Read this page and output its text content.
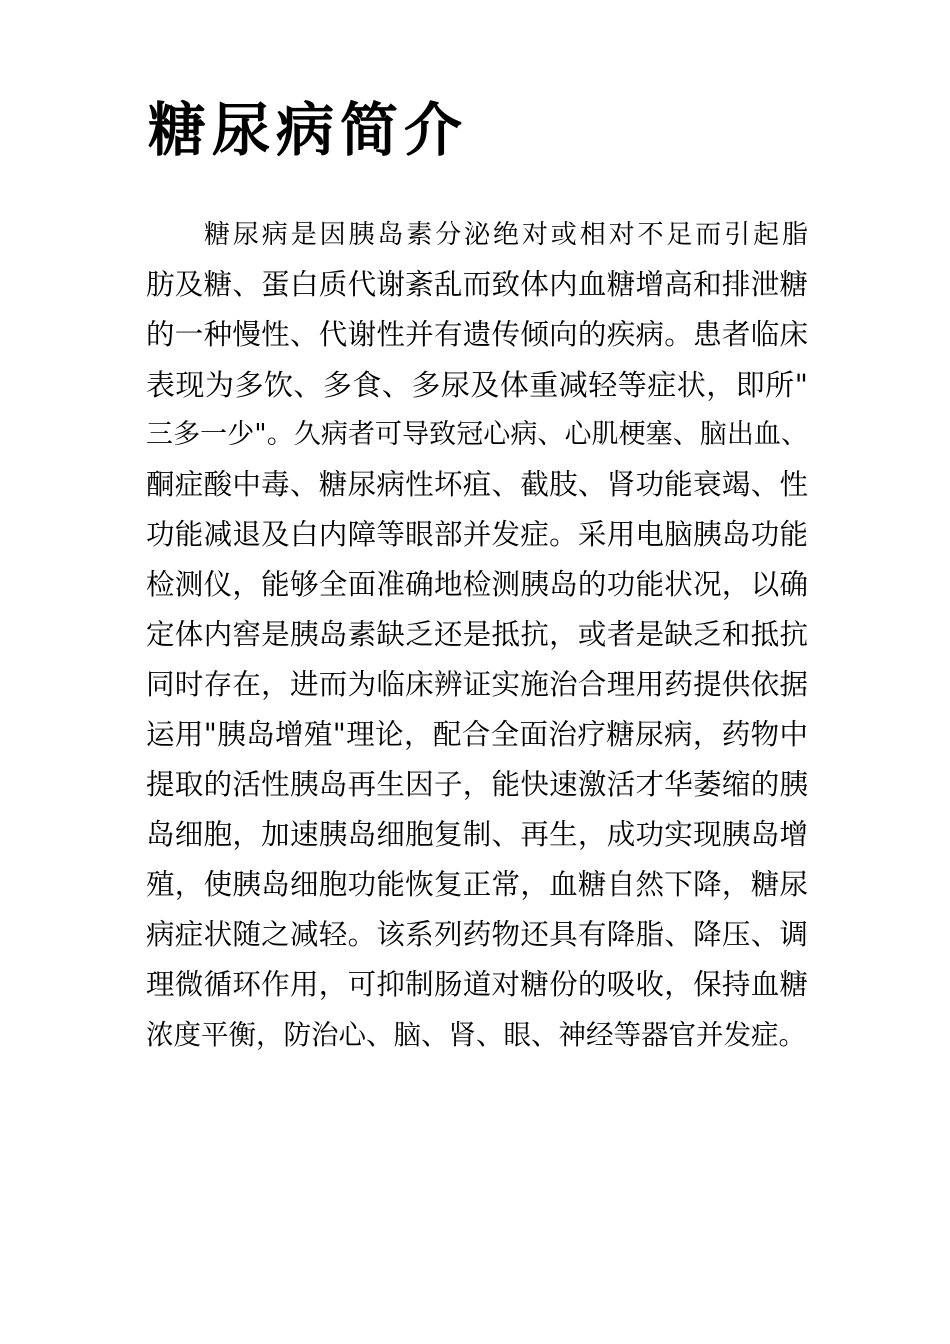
糖尿病简介
糖尿病是因胰岛素分泌绝对或相对不足而引起脂
肪及糖、蛋白质代谢紊乱而致体内血糖增高和排泄糖
的一种慢性、代谢性并有遗传倾向的疾病。患者临床
表现为多饮、多食、多尿及体重减轻等症状，即所"
三多一少"。久病者可导致冠心病、心肌梗塞、脑出血、
酮症酸中毒、糖尿病性坏疽、截肢、肾功能衰竭、性
功能减退及白内障等眼部并发症。采用电脑胰岛功能
检测仪，能够全面准确地检测胰岛的功能状况，以确
定体内窖是胰岛素缺乏还是抵抗，或者是缺乏和抵抗
同时存在，进而为临床辨证实施治合理用药提供依据
运用"胰岛增殖"理论，配合全面治疗糖尿病，药物中
提取的活性胰岛再生因子，能快速激活才华萎缩的胰
岛细胞，加速胰岛细胞复制、再生，成功实现胰岛增
殖，使胰岛细胞功能恢复正常，血糖自然下降，糖尿
病症状随之减轻。该系列药物还具有降脂、降压、调
理微循环作用，可抑制肠道对糖份的吸收，保持血糖
浓度平衡，防治心、脑、肾、眼、神经等器官并发症。
